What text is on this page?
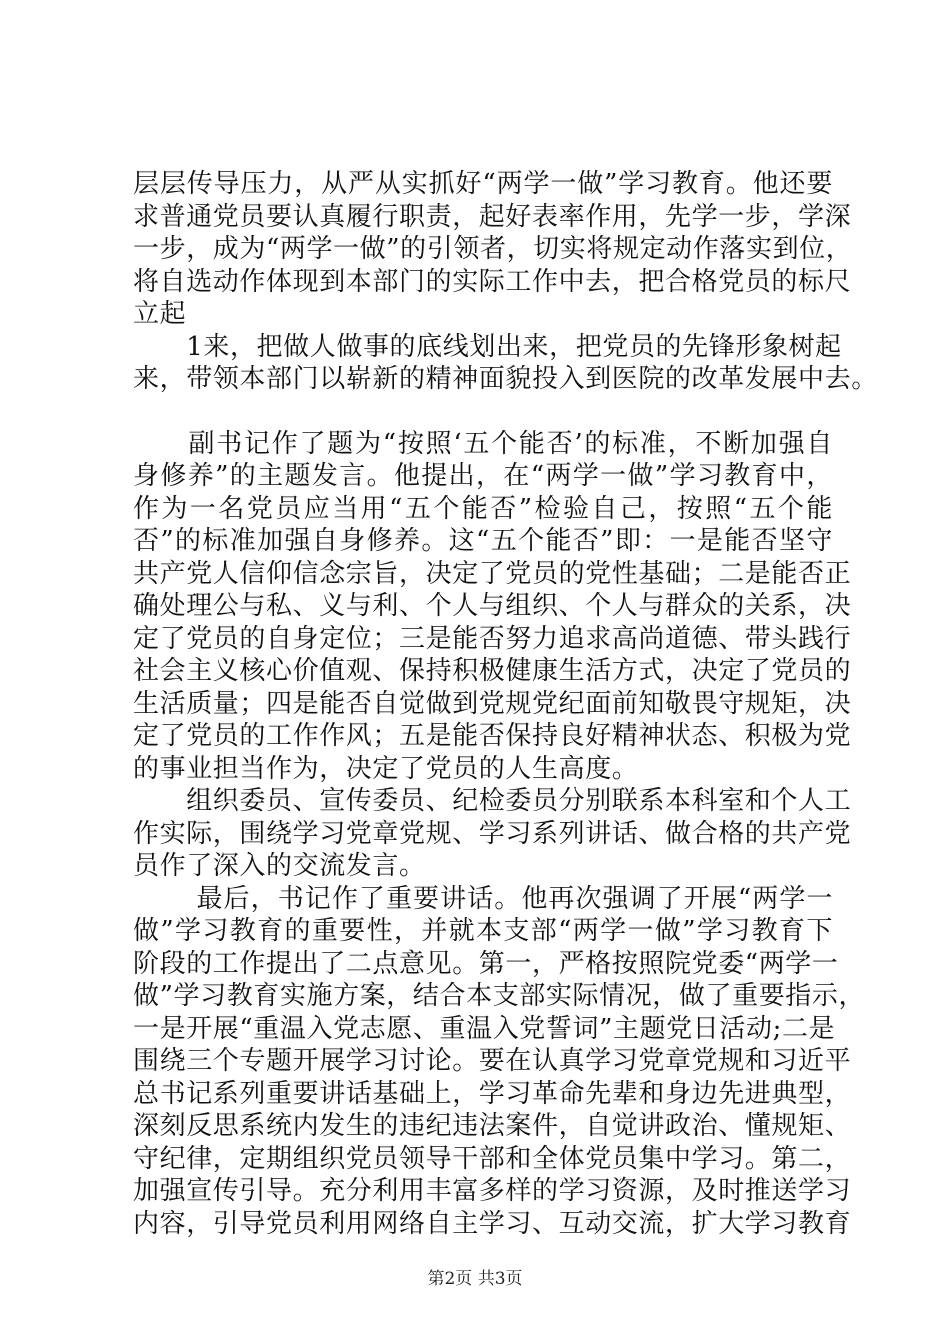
层层传导压力，从严从实抓好“两学一做”学习教育。他还要
求普通党员要认真履行职责，起好表率作用，先学一步，学深
一步，成为“两学一做”的引领者，切实将规定动作落实到位，
将自选动作体现到本部门的实际工作中去，把合格党员的标尺
立起
　　1来，把做人做事的底线划出来，把党员的先锋形象树起
来，带领本部门以崭新的精神面貌投入到医院的改革发展中去。
　　副书记作了题为“按照‘五个能否’的标准，不断加强自
身修养”的主题发言。他提出，在“两学一做”学习教育中，
作为一名党员应当用“五个能否”检验自己，按照“五个能
否”的标准加强自身修养。这“五个能否”即：一是能否坚守
共产党人信仰信念宗旨，决定了党员的党性基础；二是能否正
确处理公与私、义与利、个人与组织、个人与群众的关系，决
定了党员的自身定位；三是能否努力追求高尚道德、带头践行
社会主义核心价值观、保持积极健康生活方式，决定了党员的
生活质量；四是能否自觉做到党规党纪面前知敬畏守规矩，决
定了党员的工作作风；五是能否保持良好精神状态、积极为党
的事业担当作为，决定了党员的人生高度。
　　组织委员、宣传委员、纪检委员分别联系本科室和个人工
作实际，围绕学习党章党规、学习系列讲话、做合格的共产党
员作了深入的交流发言。
　　 最后，书记作了重要讲话。他再次强调了开展“两学一
做”学习教育的重要性，并就本支部“两学一做”学习教育下
阶段的工作提出了二点意见。第一，严格按照院党委“两学一
做”学习教育实施方案，结合本支部实际情况，做了重要指示，
一是开展“重温入党志愿、重温入党誓词”主题党日活动;二是
围绕三个专题开展学习讨论。要在认真学习党章党规和习近平
总书记系列重要讲话基础上，学习革命先辈和身边先进典型，
深刻反思系统内发生的违纪违法案件，自觉讲政治、懂规矩、
守纪律，定期组织党员领导干部和全体党员集中学习。第二，
加强宣传引导。充分利用丰富多样的学习资源，及时推送学习
内容，引导党员利用网络自主学习、互动交流，扩大学习教育
第2页 共3页
